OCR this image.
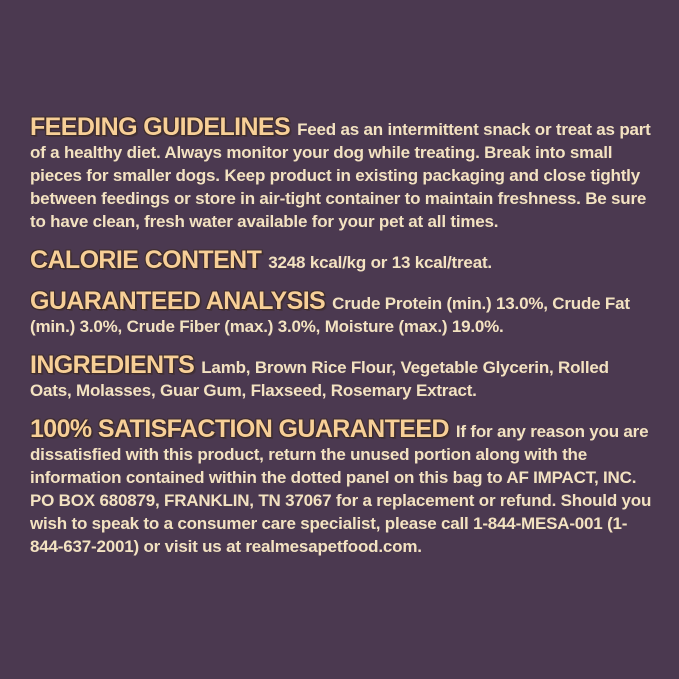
FEEDING GUIDELINES Feed as an intermittent snack or treat as part of a healthy diet. Always monitor your dog while treating. Break into small pieces for smaller dogs. Keep product in existing packaging and close tightly between feedings or store in air-tight container to maintain freshness. Be sure to have clean, fresh water available for your pet at all times.

CALORIE CONTENT 3248 kcal/kg or 13 kcal/treat.

GUARANTEED ANALYSIS Crude Protein (min.) 13.0%, Crude Fat (min.) 3.0%, Crude Fiber (max.) 3.0%, Moisture (max.) 19.0%.

INGREDIENTS Lamb, Brown Rice Flour, Vegetable Glycerin, Rolled Oats, Molasses, Guar Gum, Flaxseed, Rosemary Extract.

100% SATISFACTION GUARANTEED If for any reason you are dissatisfied with this product, return the unused portion along with the information contained within the dotted panel on this bag to AF IMPACT, INC. PO BOX 680879, FRANKLIN, TN 37067 for a replacement or refund. Should you wish to speak to a consumer care specialist, please call 1-844-MESA-001 (1-844-637-2001) or visit us at realmesapetfood.com.
